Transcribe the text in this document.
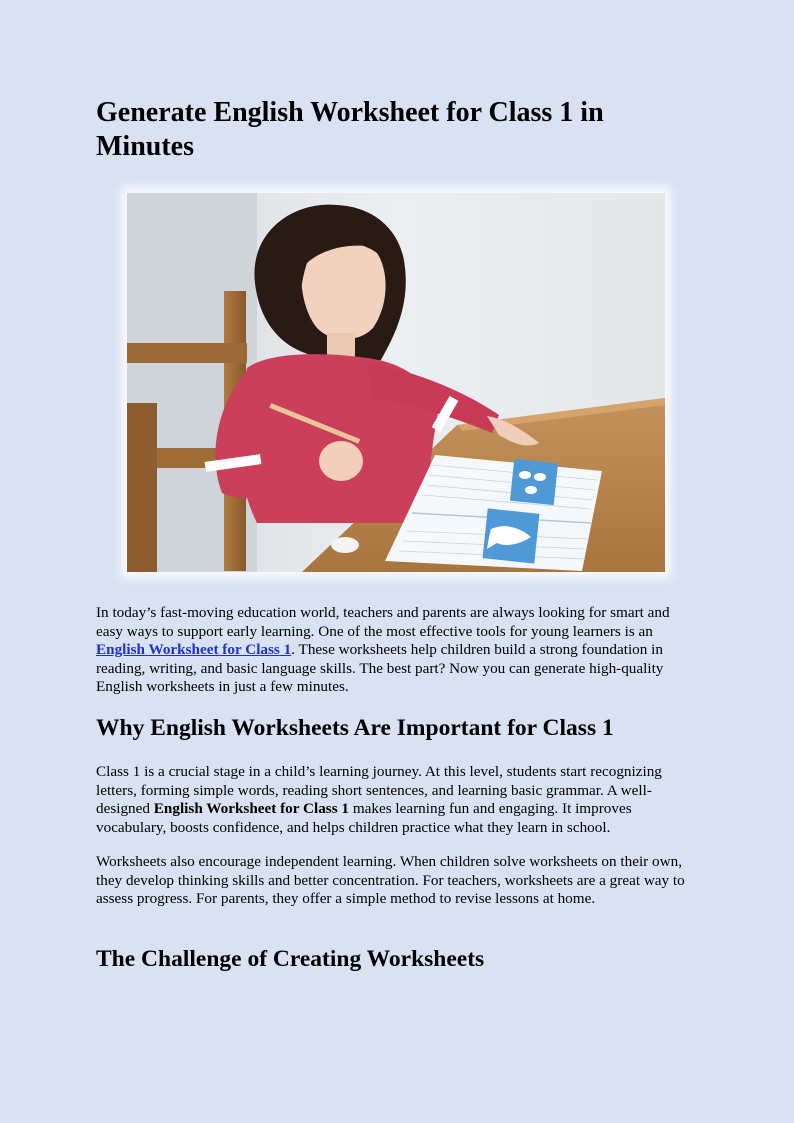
Generate English Worksheet for Class 1 in Minutes

In today’s fast-moving education world, teachers and parents are always looking for smart and easy ways to support early learning. One of the most effective tools for young learners is an English Worksheet for Class 1. These worksheets help children build a strong foundation in reading, writing, and basic language skills. The best part? Now you can generate high-quality English worksheets in just a few minutes.

Why English Worksheets Are Important for Class 1

Class 1 is a crucial stage in a child’s learning journey. At this level, students start recognizing letters, forming simple words, reading short sentences, and learning basic grammar. A well-designed English Worksheet for Class 1 makes learning fun and engaging. It improves vocabulary, boosts confidence, and helps children practice what they learn in school.

Worksheets also encourage independent learning. When children solve worksheets on their own, they develop thinking skills and better concentration. For teachers, worksheets are a great way to assess progress. For parents, they offer a simple method to revise lessons at home.

The Challenge of Creating Worksheets
